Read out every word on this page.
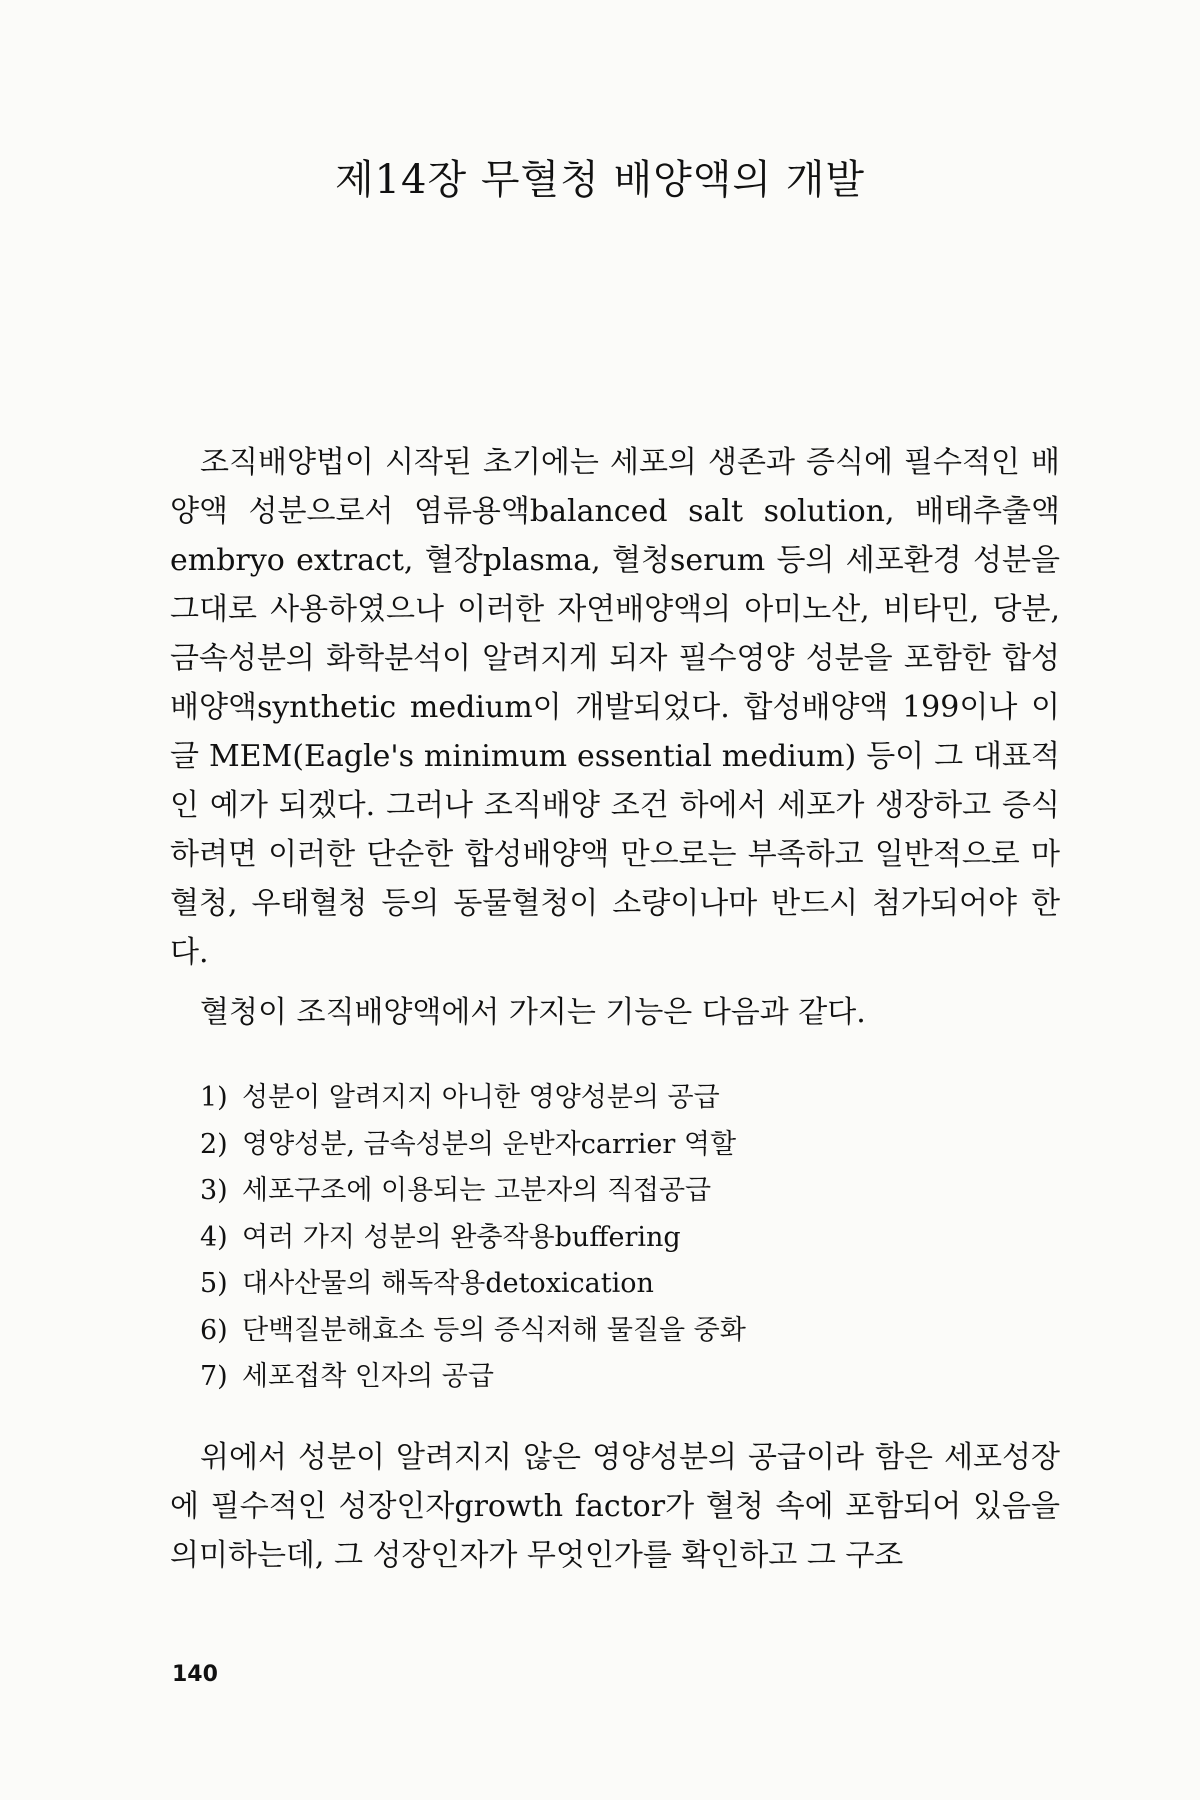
제14장 무혈청 배양액의 개발

조직배양법이 시작된 초기에는 세포의 생존과 증식에 필수적인 배양액 성분으로서 염류용액balanced salt solution, 배태추출액 embryo extract, 혈장plasma, 혈청serum 등의 세포환경 성분을 그대로 사용하였으나 이러한 자연배양액의 아미노산, 비타민, 당분, 금속성분의 화학분석이 알려지게 되자 필수영양 성분을 포함한 합성배양액synthetic medium이 개발되었다. 합성배양액 199이나 이글 MEM(Eagle's minimum essential medium) 등이 그 대표적인 예가 되겠다. 그러나 조직배양 조건 하에서 세포가 생장하고 증식하려면 이러한 단순한 합성배양액 만으로는 부족하고 일반적으로 마혈청, 우태혈청 등의 동물혈청이 소량이나마 반드시 첨가되어야 한다.

혈청이 조직배양액에서 가지는 기능은 다음과 같다.

1) 성분이 알려지지 아니한 영양성분의 공급
2) 영양성분, 금속성분의 운반자carrier 역할
3) 세포구조에 이용되는 고분자의 직접공급
4) 여러 가지 성분의 완충작용buffering
5) 대사산물의 해독작용detoxication
6) 단백질분해효소 등의 증식저해 물질을 중화
7) 세포접착 인자의 공급

위에서 성분이 알려지지 않은 영양성분의 공급이라 함은 세포성장에 필수적인 성장인자growth factor가 혈청 속에 포함되어 있음을 의미하는데, 그 성장인자가 무엇인가를 확인하고 그 구조

140
